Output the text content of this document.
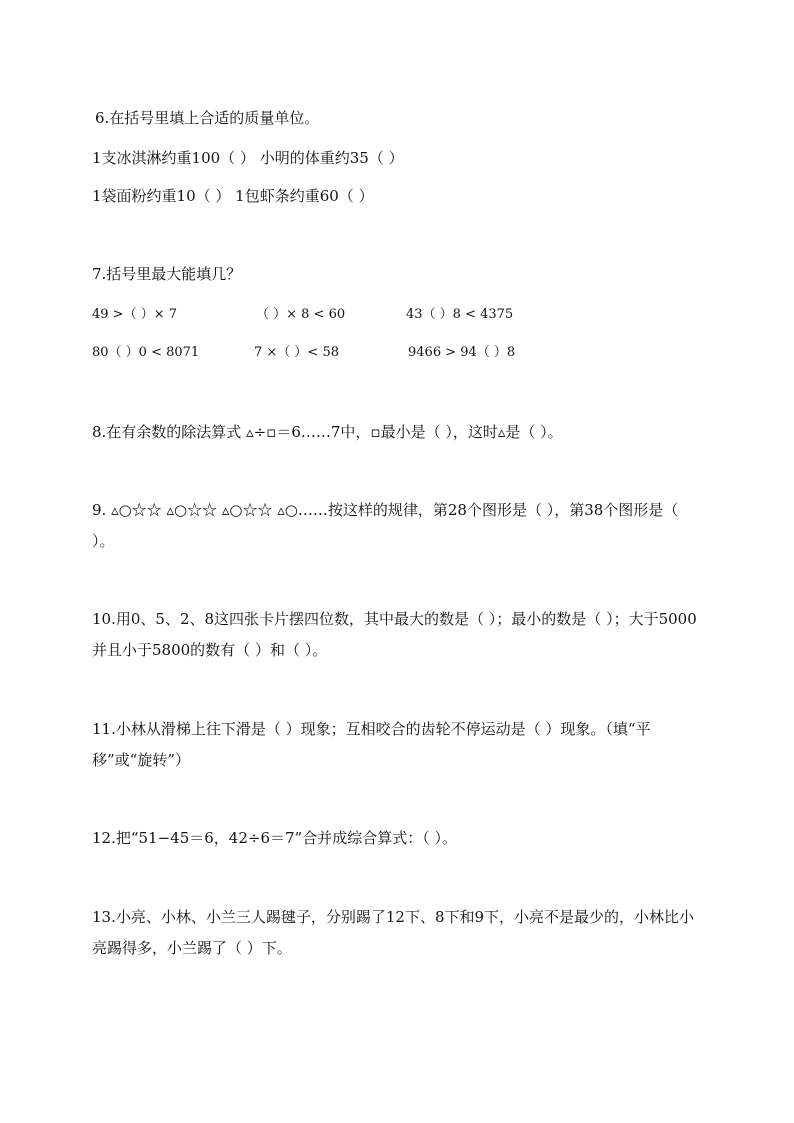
6.在括号里填上合适的质量单位。
1支冰淇淋约重100（ ） 小明的体重约35（ ）
1袋面粉约重10（ ） 1包虾条约重60（ ）
7.括号里最大能填几？
49 >（ ）× 7	（ ）× 8 < 60	43（ ）8 < 4375
80（ ）0 < 8071	7 ×（ ）< 58	9466 > 94（ ）8
8.在有余数的除法算式 ▵÷▫＝6……7中，▫最小是（ ），这时▵是（ ）。
9. ▵○☆☆ ▵○☆☆ ▵○☆☆ ▵○……按这样的规律，第28个图形是（ ），第38个图形是（ ）。
10.用0、5、2、8这四张卡片摆四位数，其中最大的数是（ ）；最小的数是（ ）；大于5000并且小于5800的数有（ ）和（ ）。
11.小林从滑梯上往下滑是（ ）现象；互相咬合的齿轮不停运动是（ ）现象。（填“平移”或“旋转”）
12.把“51−45＝6，42÷6＝7”合并成综合算式：（ ）。
13.小亮、小林、小兰三人踢毽子，分别踢了12下、8下和9下，小亮不是最少的，小林比小亮踢得多，小兰踢了（ ）下。
